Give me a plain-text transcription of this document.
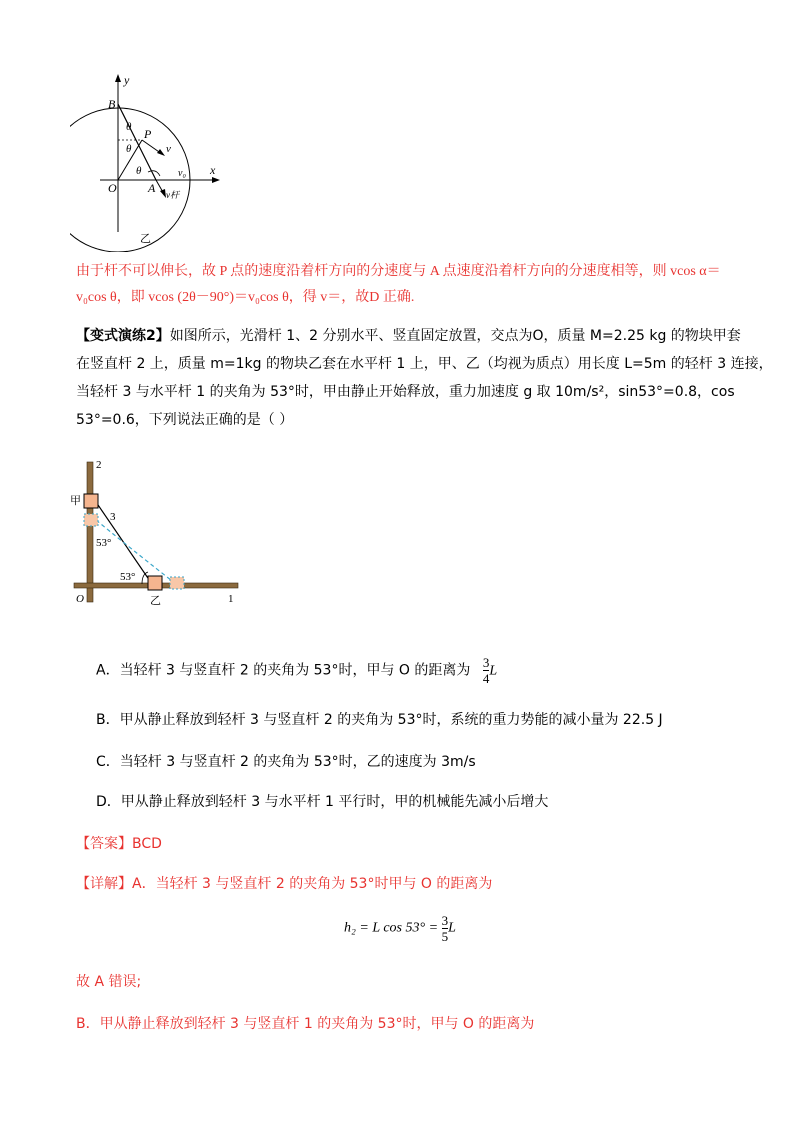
y
x
B
P
O	A
θ
θ
θ
v
v₀
v杆
乙
由于杆不可以伸长，故 P 点的速度沿着杆方向的分速度与 A 点速度沿着杆方向的分速度相等，则 vcos α＝
v₀cos θ，即 vcos (2θ－90°)＝v₀cos θ，得 v＝，故D 正确.
【变式演练2】如图所示，光滑杆 1、2 分别水平、竖直固定放置，交点为O，质量 M=2.25 kg 的物块甲套
在竖直杆 2 上，质量 m=1kg 的物块乙套在水平杆 1 上，甲、乙（均视为质点）用长度 L=5m 的轻杆 3 连接，
当轻杆 3 与水平杆 1 的夹角为 53°时，甲由静止开始释放，重力加速度 g 取 10m/s²，sin53°=0.8，cos
53°=0.6，下列说法正确的是（ ）
2
1
3
甲
乙
O
53°
53°
A．当轻杆 3 与竖直杆 2 的夹角为 53°时，甲与 O 的距离为 $\frac{3}{4}$ L
B．甲从静止释放到轻杆 3 与竖直杆 2 的夹角为 53°时，系统的重力势能的减小量为 22.5 J
C．当轻杆 3 与竖直杆 2 的夹角为 53°时，乙的速度为 3m/s
D．甲从静止释放到轻杆 3 与水平杆 1 平行时，甲的机械能先减小后增大
【答案】BCD
【详解】A．当轻杆 3 与竖直杆 2 的夹角为 53°时甲与 O 的距离为
h₂ = L $\cos 53^\circ = \frac{3}{5}$ L
故 A 错误;
B．甲从静止释放到轻杆 3 与竖直杆 1 的夹角为 53°时，甲与 O 的距离为
